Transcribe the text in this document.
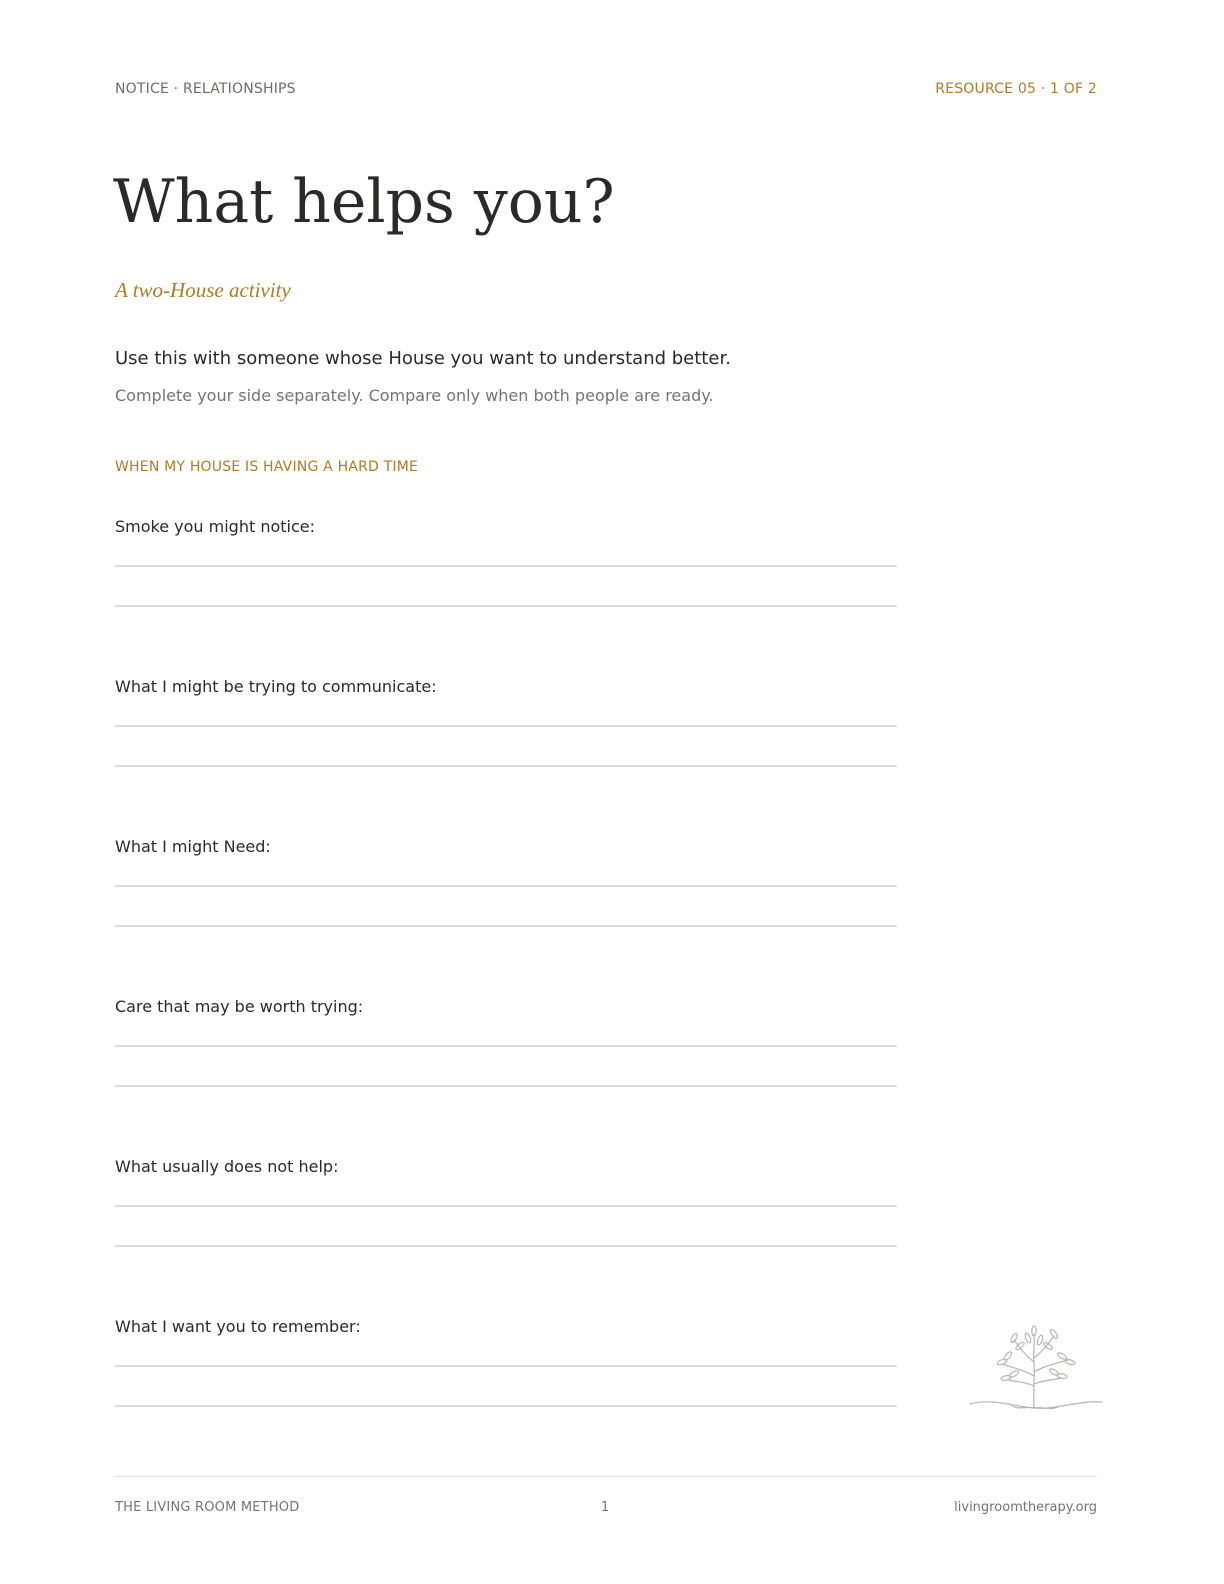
NOTICE · RELATIONSHIPS	RESOURCE 05 · 1 OF 2
What helps you?
A two-House activity
Use this with someone whose House you want to understand better.
Complete your side separately. Compare only when both people are ready.
WHEN MY HOUSE IS HAVING A HARD TIME
Smoke you might notice:
What I might be trying to communicate:
What I might Need:
Care that may be worth trying:
What usually does not help:
What I want you to remember:
THE LIVING ROOM METHOD	1	livingroomtherapy.org
